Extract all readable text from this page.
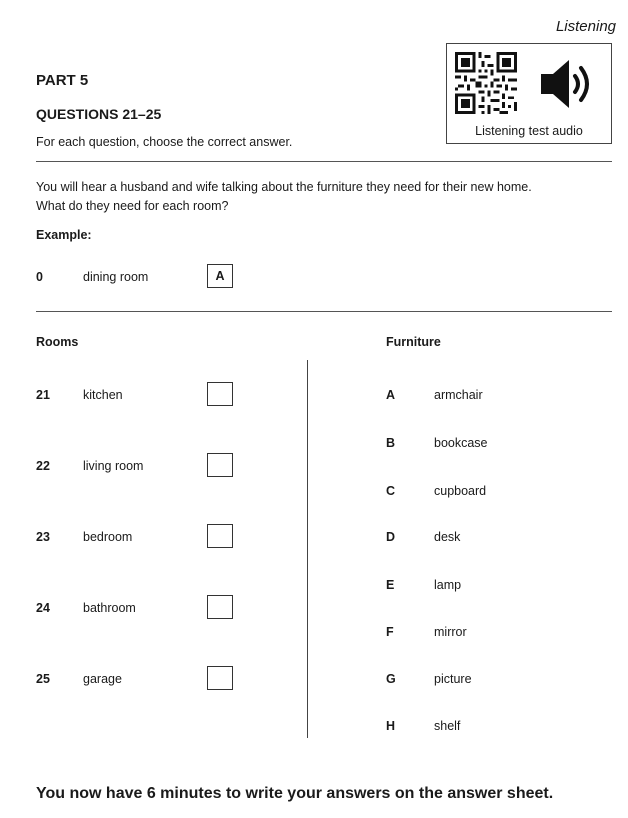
Listening
PART 5
QUESTIONS 21–25
For each question, choose the correct answer.
Listening test audio
You will hear a husband and wife talking about the furniture they need for their new home.
What do they need for each room?
Example:
0	dining room	A
Rooms	Furniture
21	kitchen
22	living room
23	bedroom
24	bathroom
25	garage
A	armchair
B	bookcase
C	cupboard
D	desk
E	lamp
F	mirror
G	picture
H	shelf
You now have 6 minutes to write your answers on the answer sheet.
